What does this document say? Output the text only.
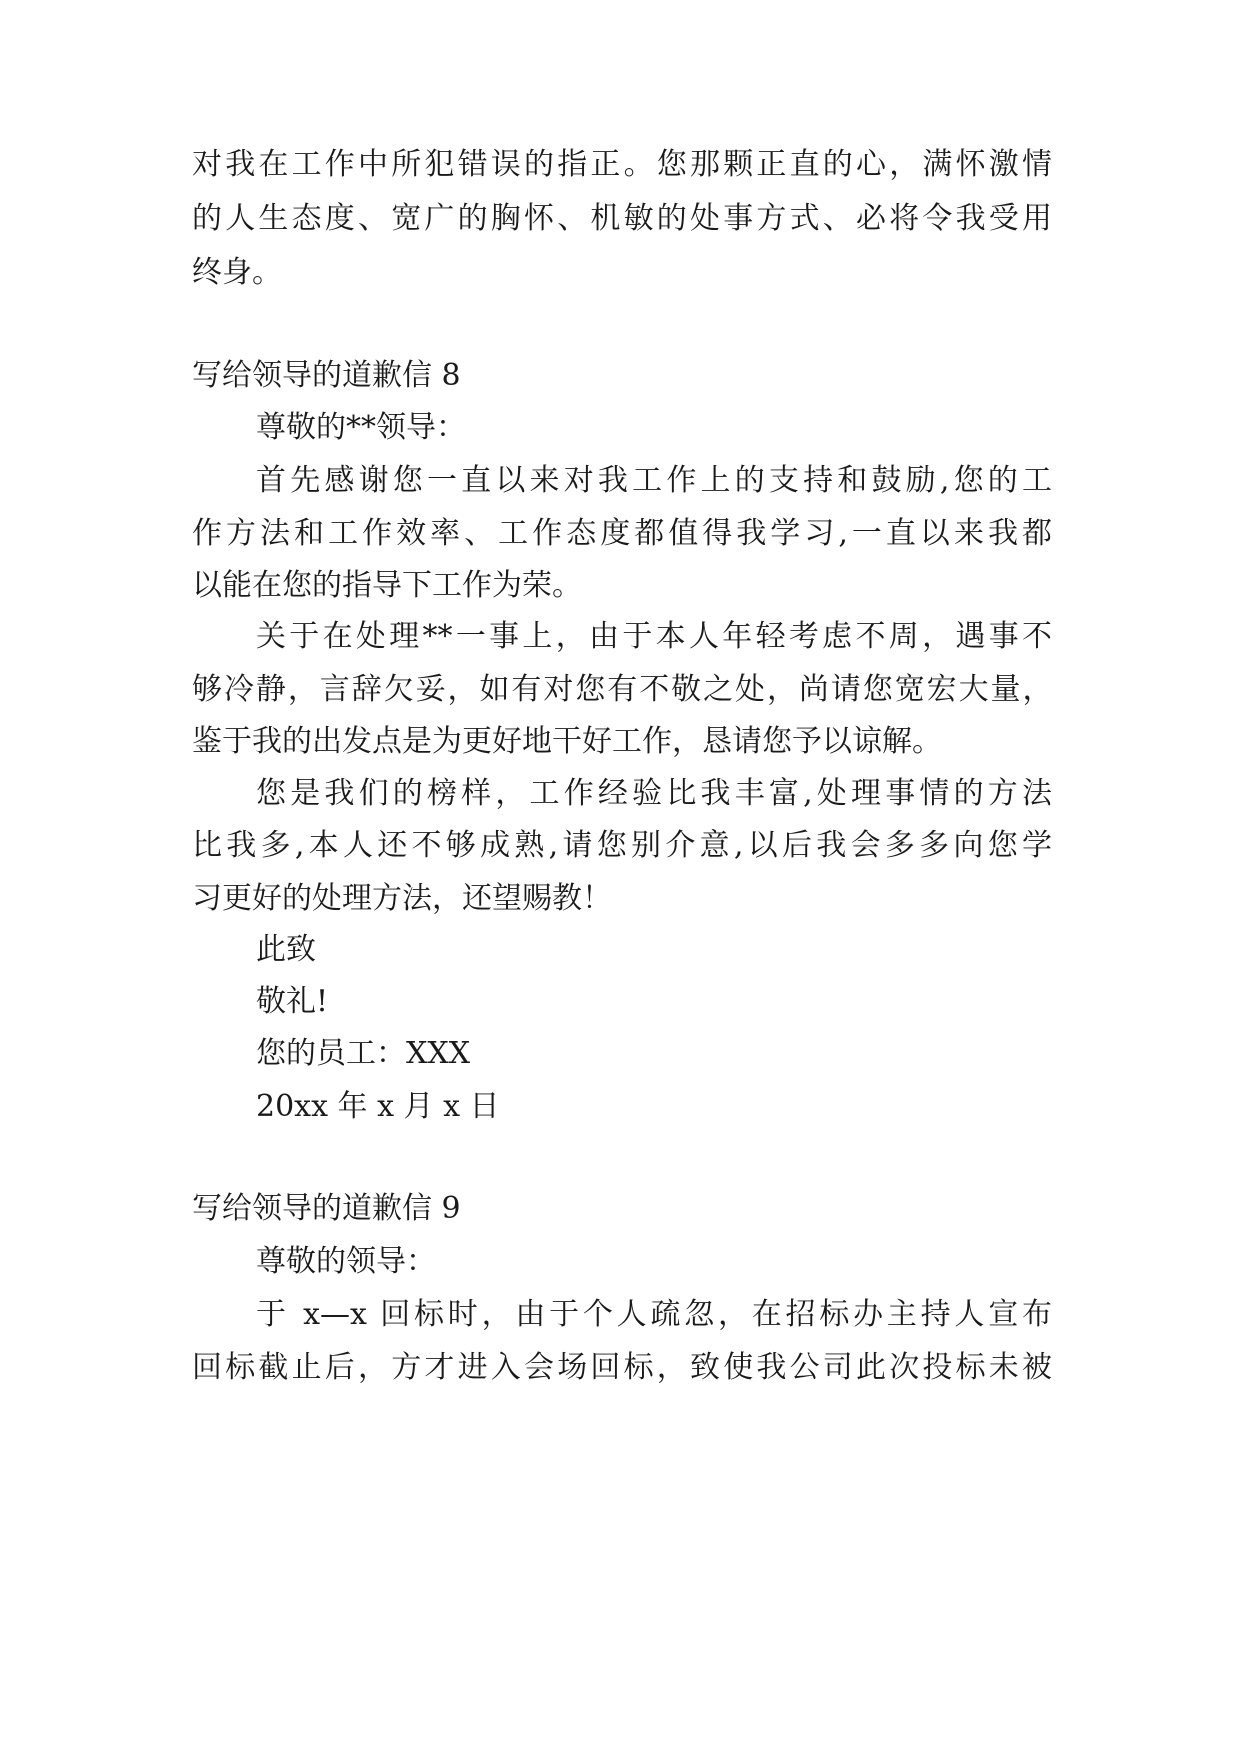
对我在工作中所犯错误的指正。您那颗正直的心，满怀激情
的人生态度、宽广的胸怀、机敏的处事方式、必将令我受用
终身。
写给领导的道歉信 8
尊敬的**领导：
首先感谢您一直以来对我工作上的支持和鼓励,您的工
作方法和工作效率、工作态度都值得我学习,一直以来我都
以能在您的指导下工作为荣。
关于在处理**一事上，由于本人年轻考虑不周，遇事不
够冷静，言辞欠妥，如有对您有不敬之处，尚请您宽宏大量，
鉴于我的出发点是为更好地干好工作，恳请您予以谅解。
您是我们的榜样，工作经验比我丰富,处理事情的方法
比我多,本人还不够成熟,请您别介意,以后我会多多向您学
习更好的处理方法，还望赐教！
此致
敬礼!
您的员工：XXX
20xx 年 x 月 x 日
写给领导的道歉信 9
尊敬的领导：
于 x—x 回标时，由于个人疏忽，在招标办主持人宣布
回标截止后，方才进入会场回标，致使我公司此次投标未被
